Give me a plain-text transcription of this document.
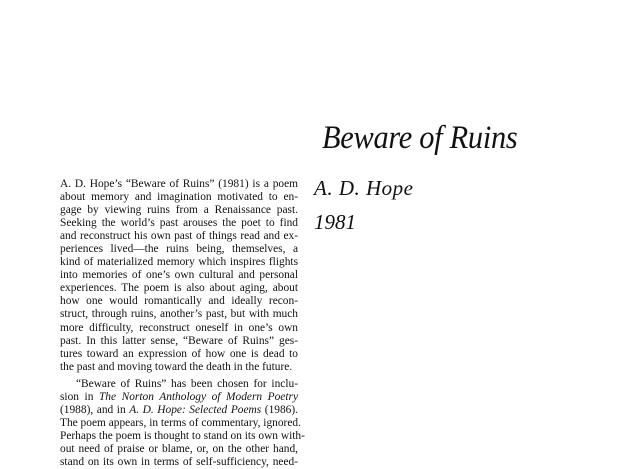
Beware of Ruins
A. D. Hope
1981
A. D. Hope’s “Beware of Ruins” (1981) is a poem
about memory and imagination motivated to en-
gage by viewing ruins from a Renaissance past.
Seeking the world’s past arouses the poet to find
and reconstruct his own past of things read and ex-
periences lived—the ruins being, themselves, a
kind of materialized memory which inspires flights
into memories of one’s own cultural and personal
experiences. The poem is also about aging, about
how one would romantically and ideally recon-
struct, through ruins, another’s past, but with much
more difficulty, reconstruct oneself in one’s own
past. In this latter sense, “Beware of Ruins” ges-
tures toward an expression of how one is dead to
the past and moving toward the death in the future.
“Beware of Ruins” has been chosen for inclu-
sion in The Norton Anthology of Modern Poetry
(1988), and in A. D. Hope: Selected Poems (1986).
The poem appears, in terms of commentary, ignored.
Perhaps the poem is thought to stand on its own with-
out need of praise or blame, or, on the other hand,
stand on its own in terms of self-sufficiency, need-
